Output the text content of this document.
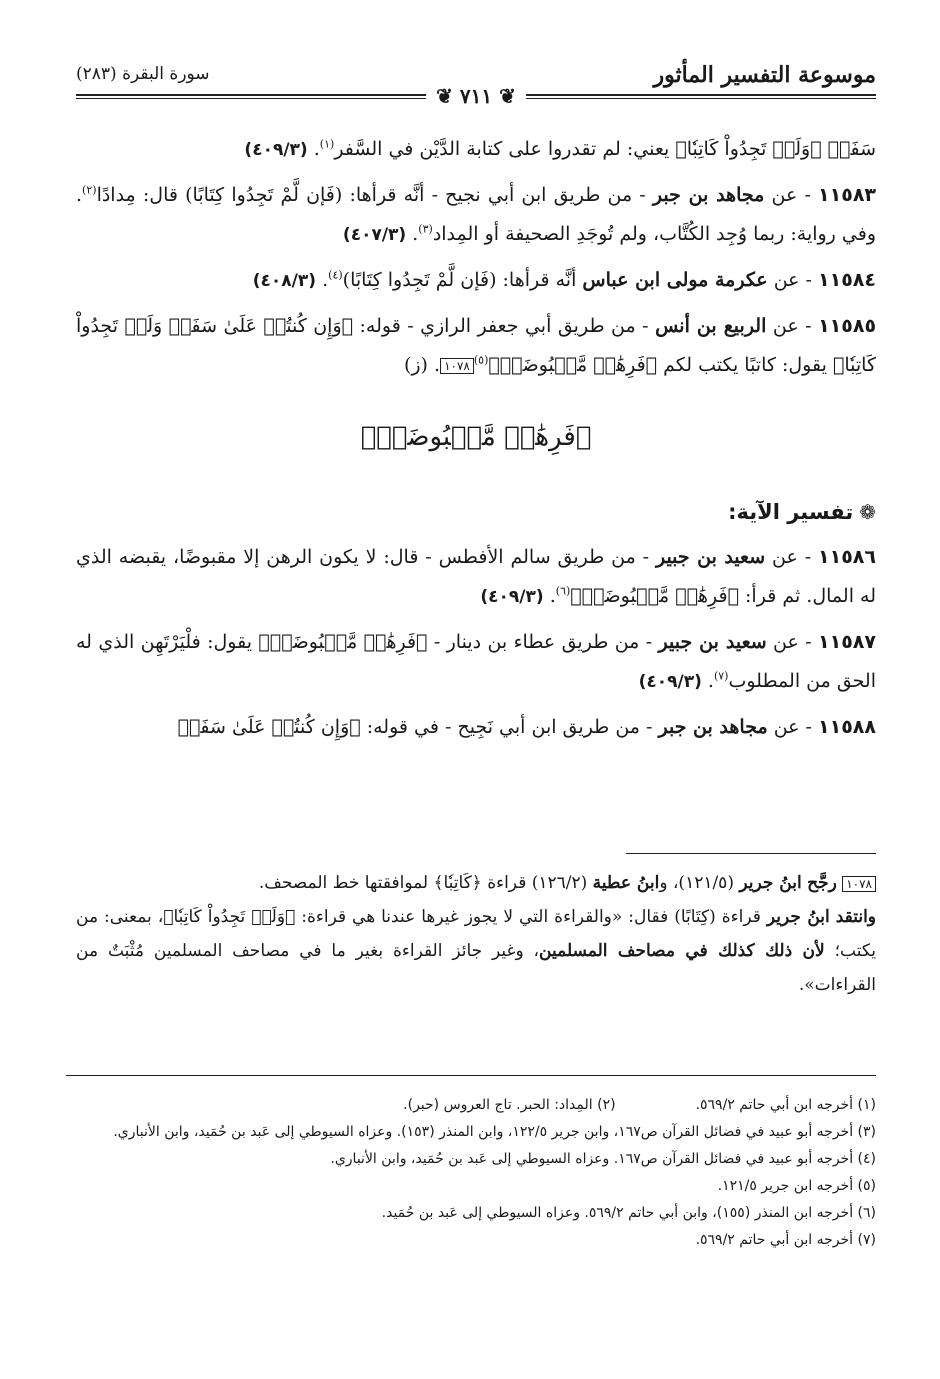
موسوعة التفسير المأثور
سورة البقرة (٢٨٣)
❦ ٧١١ ❦

سَفَرٖ ﴿وَلَمۡ تَجِدُواْ كَاتِبٗا﴾ يعني: لم تقدروا على كتابة الدَّيْن في السَّفر$^{(١)}$. (٤٠٩/٣)

١١٥٨٣ - عن مجاهد بن جبر - من طريق ابن أبي نجيح - أنَّه قرأها: (فَإن لَّمْ تَجِدُوا كِتَابًا) قال: مِدادًا$^{(٢)}$. وفي رواية: ربما وُجِد الكُتَّاب، ولم تُوجَدِ الصحيفة أو المِداد$^{(٣)}$. (٤٠٧/٣)

١١٥٨٤ - عن عكرمة مولى ابن عباس أنَّه قرأها: (فَإن لَّمْ تَجِدُوا كِتَابًا)$^{(٤)}$. (٤٠٨/٣)

١١٥٨٥ - عن الربيع بن أنس - من طريق أبي جعفر الرازي - قوله: ﴿وَإِن كُنتُمۡ عَلَىٰ سَفَرٖ وَلَمۡ تَجِدُواْ كَاتِبٗا﴾ يقول: كاتبًا يكتب لكم ﴿فَرِهَٰنٞ مَّقۡبُوضَةٞ﴾$^{(٥)}$١٠٧٨. (ز)

﴿فَرِهَٰنٞ مَّقۡبُوضَةٞ﴾
❁تفسير الآية:

١١٥٨٦ - عن سعيد بن جبير - من طريق سالم الأفطس - قال: لا يكون الرهن إلا مقبوضًا، يقبضه الذي له المال. ثم قرأ: ﴿فَرِهَٰنٞ مَّقۡبُوضَةٞ﴾$^{(٦)}$. (٤٠٩/٣)

١١٥٨٧ - عن سعيد بن جبير - من طريق عطاء بن دينار - ﴿فَرِهَٰنٞ مَّقۡبُوضَةٞ﴾ يقول: فلْيَرْتَهِن الذي له الحق من المطلوب$^{(٧)}$. (٤٠٩/٣)

١١٥٨٨ - عن مجاهد بن جبر - من طريق ابن أبي نَجِيح - في قوله: ﴿وَإِن كُنتُمۡ عَلَىٰ سَفَرٖ

١٠٧٨ رجَّح ابنُ جرير (١٢١/٥)، وابنُ عطية (١٢٦/٢) قراءة ﴿كَاتِبٗا﴾ لموافقتها خط المصحف.

وانتقد ابنُ جرير قراءة (كِتَابًا) فقال: «والقراءة التي لا يجوز غيرها عندنا هي قراءة: ﴿وَلَمۡ تَجِدُواْ كَاتِبٗا﴾، بمعنى: من يكتب؛ لأن ذلك كذلك في مصاحف المسلمين، وغير جائز القراءة بغير ما في مصاحف المسلمين مُثْبَتٌ من القراءات».

(١) أخرجه ابن أبي حاتم ٥٦٩/٢.

(٢) المِداد: الحبر. تاج العروس (حبر).

(٣) أخرجه أبو عبيد في فضائل القرآن ص١٦٧، وابن جرير ١٢٢/٥، وابن المنذر (١٥٣). وعزاه السيوطي إلى عَبد بن حُمَيد، وابن الأنباري.

(٤) أخرجه أبو عبيد في فضائل القرآن ص١٦٧. وعزاه السيوطي إلى عَبد بن حُمَيد، وابن الأنباري.

(٥) أخرجه ابن جرير ١٢١/٥.

(٦) أخرجه ابن المنذر (١٥٥)، وابن أبي حاتم ٥٦٩/٢. وعزاه السيوطي إلى عَبد بن حُمَيد.

(٧) أخرجه ابن أبي حاتم ٥٦٩/٢.
